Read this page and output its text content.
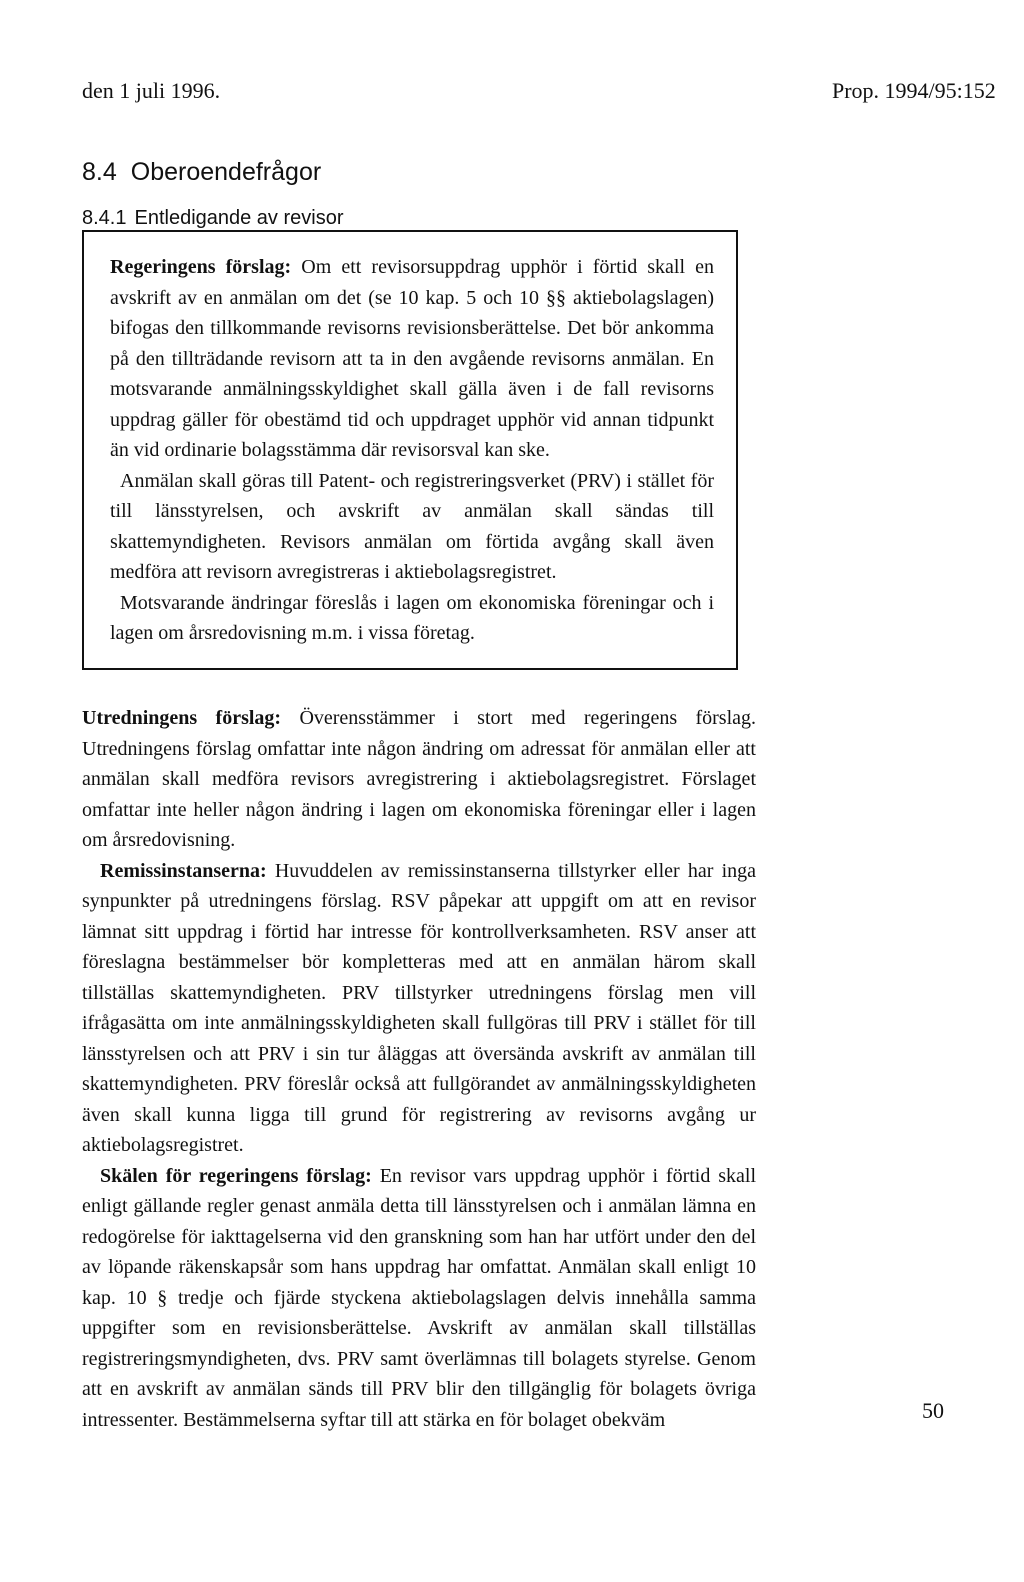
den 1 juli 1996.	Prop. 1994/95:152
8.4 Oberoendefrågor
8.4.1 Entledigande av revisor

Regeringens förslag: Om ett revisorsuppdrag upphör i förtid skall en avskrift av en anmälan om det (se 10 kap. 5 och 10 §§ aktiebolagslagen) bifogas den tillkommande revisorns revisionsberättelse. Det bör ankomma på den tillträdande revisorn att ta in den avgående revisorns anmälan. En motsvarande anmälningsskyldighet skall gälla även i de fall revisorns uppdrag gäller för obestämd tid och uppdraget upphör vid annan tidpunkt än vid ordinarie bolagsstämma där revisorsval kan ske.

Anmälan skall göras till Patent- och registreringsverket (PRV) i stället för till länsstyrelsen, och avskrift av anmälan skall sändas till skattemyndigheten. Revisors anmälan om förtida avgång skall även medföra att revisorn avregistreras i aktiebolagsregistret.

Motsvarande ändringar föreslås i lagen om ekonomiska föreningar och i lagen om årsredovisning m.m. i vissa företag.

Utredningens förslag: Överensstämmer i stort med regeringens förslag. Utredningens förslag omfattar inte någon ändring om adressat för anmälan eller att anmälan skall medföra revisors avregistrering i aktiebolagsregistret. Förslaget omfattar inte heller någon ändring i lagen om ekonomiska föreningar eller i lagen om årsredovisning.

Remissinstanserna: Huvuddelen av remissinstanserna tillstyrker eller har inga synpunkter på utredningens förslag. RSV påpekar att uppgift om att en revisor lämnat sitt uppdrag i förtid har intresse för kontrollverksamheten. RSV anser att föreslagna bestämmelser bör kompletteras med att en anmälan härom skall tillställas skattemyndigheten. PRV tillstyrker utredningens förslag men vill ifrågasätta om inte anmälningsskyldigheten skall fullgöras till PRV i stället för till länsstyrelsen och att PRV i sin tur åläggas att översända avskrift av anmälan till skattemyndigheten. PRV föreslår också att fullgörandet av anmälningsskyldigheten även skall kunna ligga till grund för registrering av revisorns avgång ur aktiebolagsregistret.

Skälen för regeringens förslag: En revisor vars uppdrag upphör i förtid skall enligt gällande regler genast anmäla detta till länsstyrelsen och i anmälan lämna en redogörelse för iakttagelserna vid den granskning som han har utfört under den del av löpande räkenskapsår som hans uppdrag har omfattat. Anmälan skall enligt 10 kap. 10 § tredje och fjärde styckena aktiebolagslagen delvis innehålla samma uppgifter som en revisionsberättelse. Avskrift av anmälan skall tillställas registreringsmyndigheten, dvs. PRV samt överlämnas till bolagets styrelse. Genom att en avskrift av anmälan sänds till PRV blir den tillgänglig för bolagets övriga intressenter. Bestämmelserna syftar till att stärka en för bolaget obekväm	50
